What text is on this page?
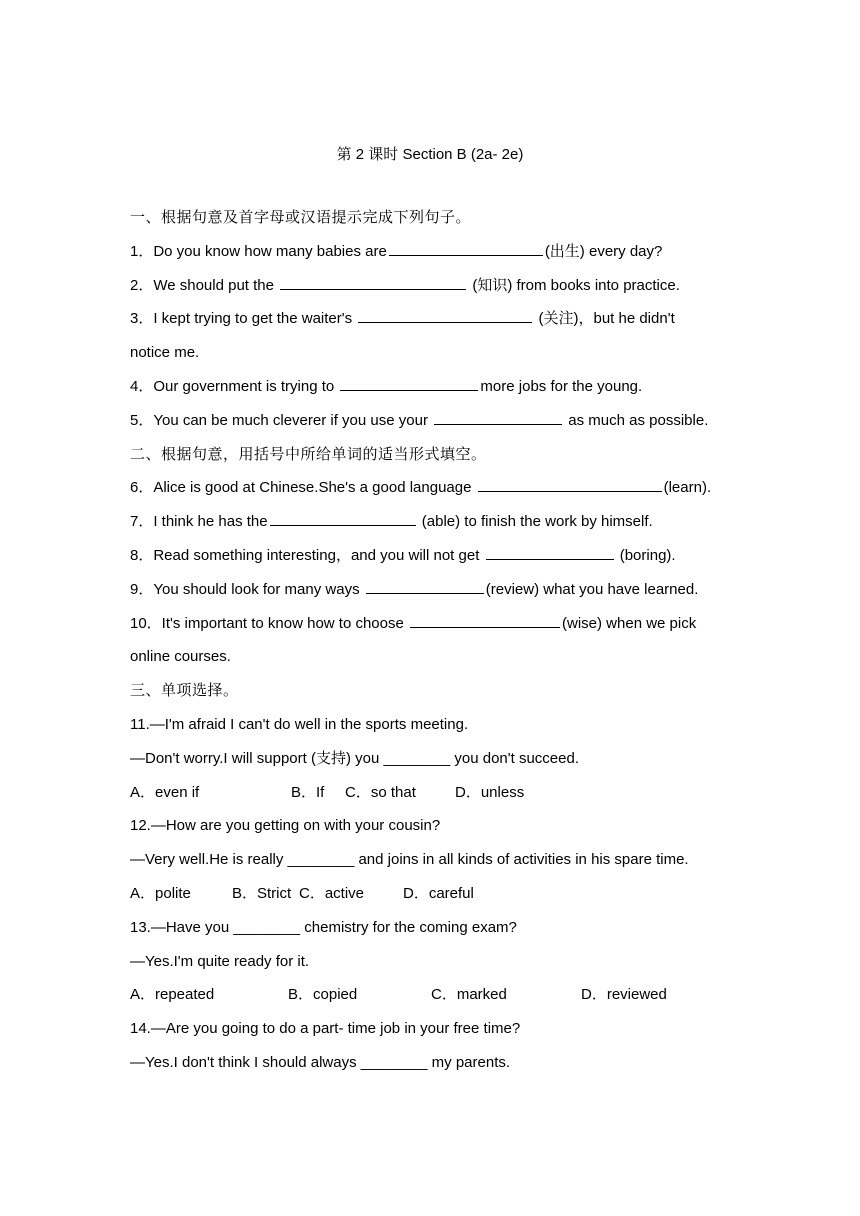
第 2 课时 Section B (2a- 2e)
一、根据句意及首字母或汉语提示完成下列句子。
1．Do you know how many babies are	(出生) every day?
2．We should put the	(知识) from books into practice.
3．I kept trying to get the waiter's	(关注)，but he didn't
notice me.
4．Our government is trying to	more jobs for the young.
5．You can be much cleverer if you use your	as much as possible.
二、根据句意，用括号中所给单词的适当形式填空。
6．Alice is good at Chinese.She's a good language	(learn).
7．I think he has the	(able) to finish the work by himself.
8．Read something interesting，and you will not get	(boring).
9．You should look for many ways	(review) what you have learned.
10．It's important to know how to choose	(wise) when we pick
online courses.
三、单项选择。
11.—I'm afraid I can't do well in the sports meeting.
—Don't worry.I will support (支持) you ________ you don't succeed.
A．even if	B．If C．so that	D．unless
12.—How are you getting on with your cousin?
—Very well.He is really ________ and joins in all kinds of activities in his spare time.
A．polite	B．Strict C．active	D．careful
13.—Have you ________ chemistry for the coming exam?
—Yes.I'm quite ready for it.
A．repeated	B．copied	C．marked	D．reviewed
14.—Are you going to do a part- time job in your free time?
—Yes.I don't think I should always ________ my parents.
